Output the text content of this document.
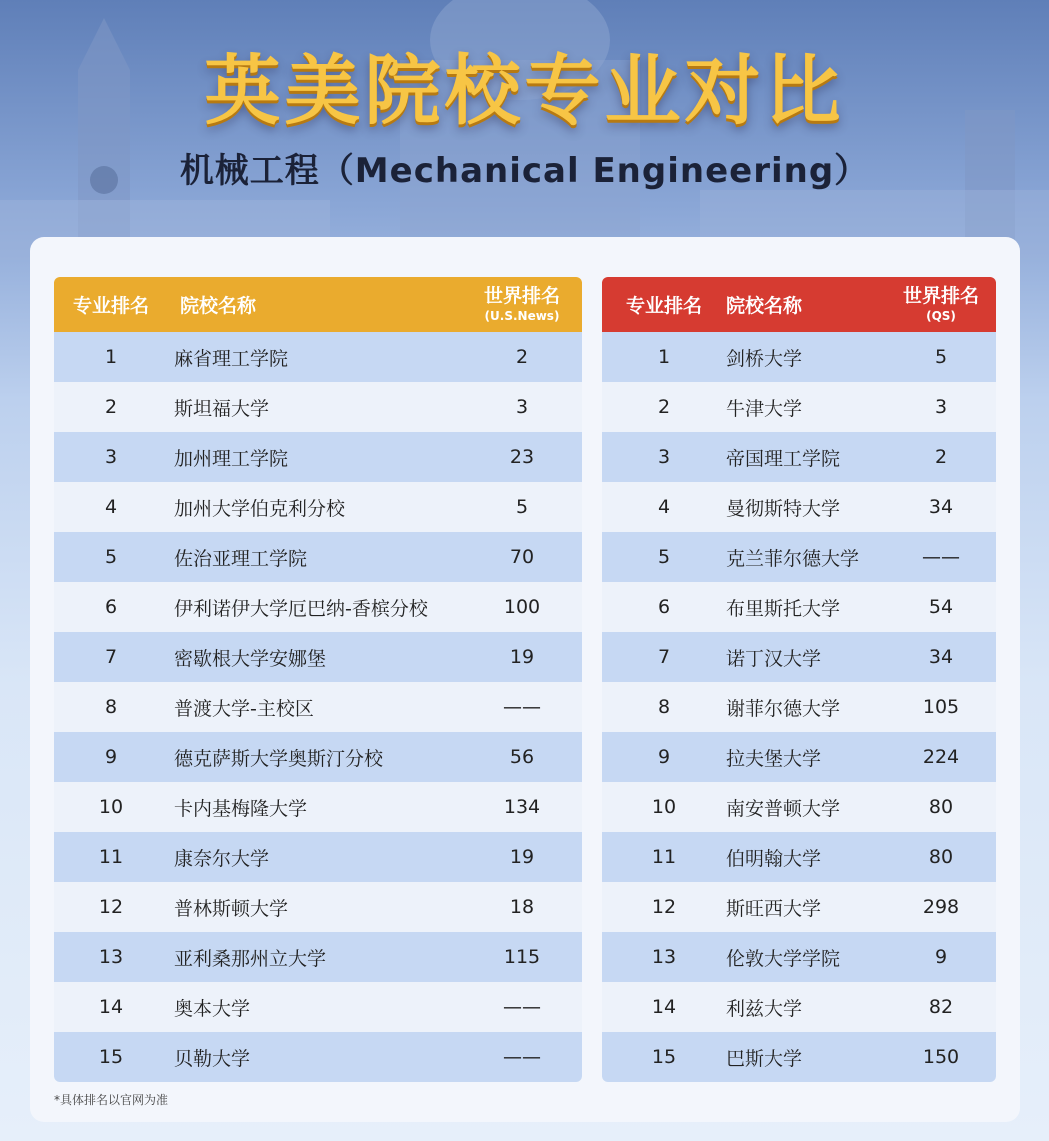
英美院校专业对比
机械工程（Mechanical Engineering）
专业排名	院校名称	世界排名
(U.S.News)
1	麻省理工学院	2
2	斯坦福大学	3
3	加州理工学院	23
4	加州大学伯克利分校	5
5	佐治亚理工学院	70
6	伊利诺伊大学厄巴纳-香槟分校	100
7	密歇根大学安娜堡	19
8	普渡大学-主校区	——
9	德克萨斯大学奥斯汀分校	56
10	卡内基梅隆大学	134
11	康奈尔大学	19
12	普林斯顿大学	18
13	亚利桑那州立大学	115
14	奥本大学	——
15	贝勒大学	——
专业排名	院校名称	世界排名
(QS)
1	剑桥大学	5
2	牛津大学	3
3	帝国理工学院	2
4	曼彻斯特大学	34
5	克兰菲尔德大学	——
6	布里斯托大学	54
7	诺丁汉大学	34
8	谢菲尔德大学	105
9	拉夫堡大学	224
10	南安普顿大学	80
11	伯明翰大学	80
12	斯旺西大学	298
13	伦敦大学学院	9
14	利兹大学	82
15	巴斯大学	150
*具体排名以官网为准
